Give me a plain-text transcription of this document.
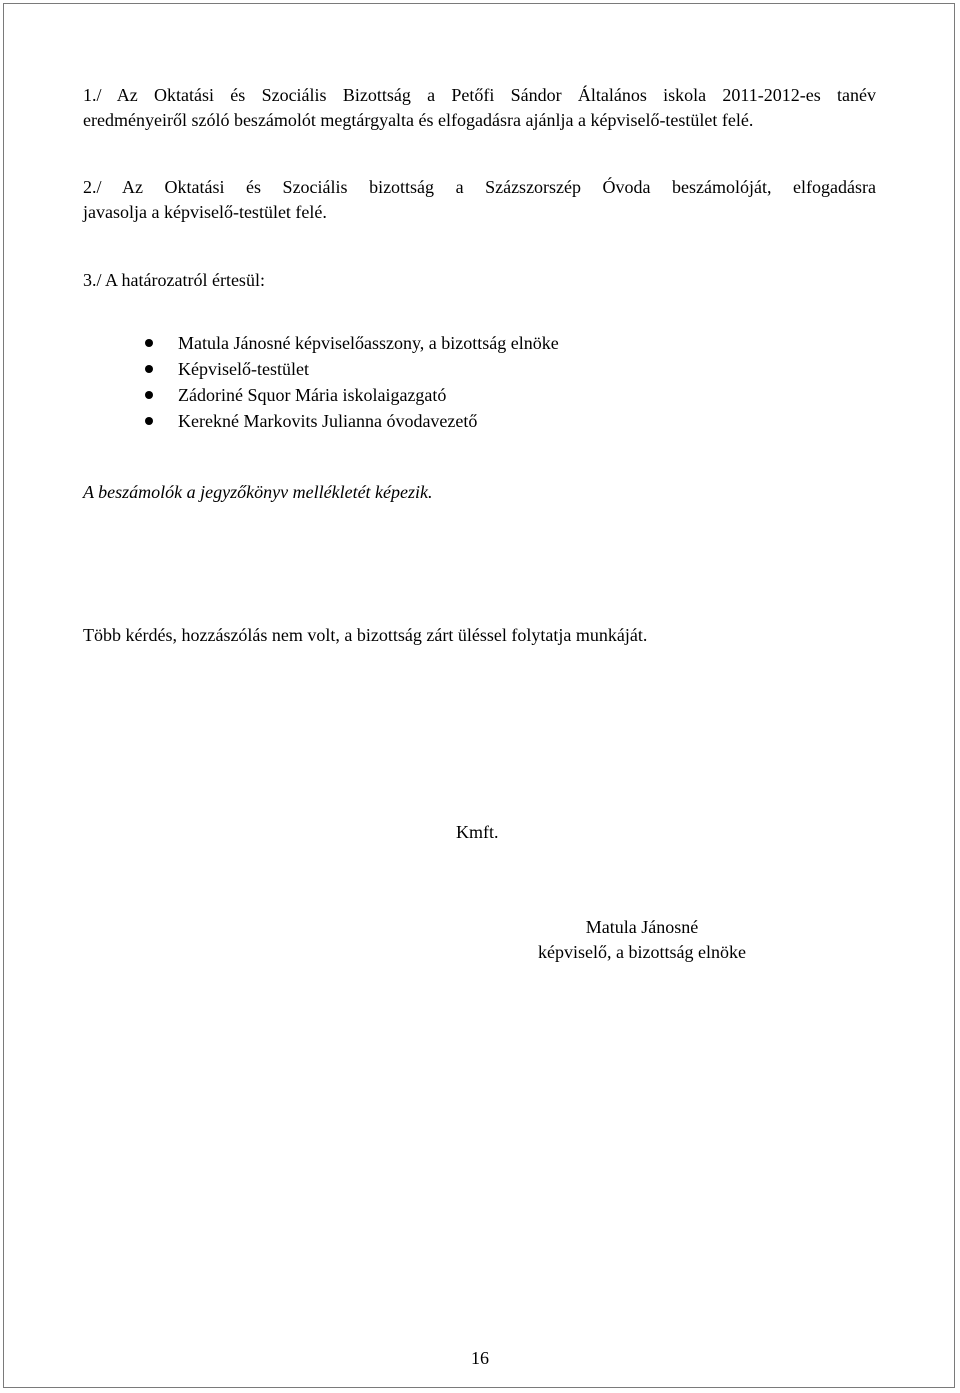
1./ Az Oktatási és Szociális Bizottság a Petőfi Sándor Általános iskola 2011-2012-es tanév
eredményeiről szóló beszámolót megtárgyalta és elfogadásra ajánlja a képviselő-testület felé.

2./ Az Oktatási és Szociális bizottság a Százszorszép Óvoda beszámolóját, elfogadásra
javasolja a képviselő-testület felé.

3./ A határozatról értesül:

Matula Jánosné képviselőasszony, a bizottság elnöke
Képviselő-testület
Zádoriné Squor Mária iskolaigazgató
Kerekné Markovits Julianna óvodavezető

A beszámolók a jegyzőkönyv mellékletét képezik.

Több kérdés, hozzászólás nem volt, a bizottság zárt üléssel folytatja munkáját.

Kmft.

Matula Jánosné
képviselő, a bizottság elnöke
16
